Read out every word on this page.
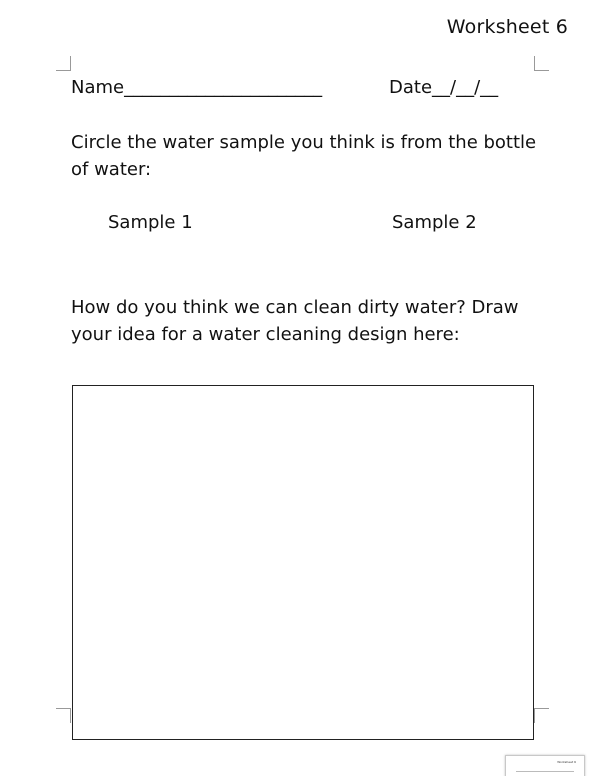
Worksheet 6
Name______________________	Date__/__/__
Circle the water sample you think is from the bottle of water:
Sample 1	Sample 2
How do you think we can clean dirty water? Draw your idea for a water cleaning design here:
Worksheet 6
